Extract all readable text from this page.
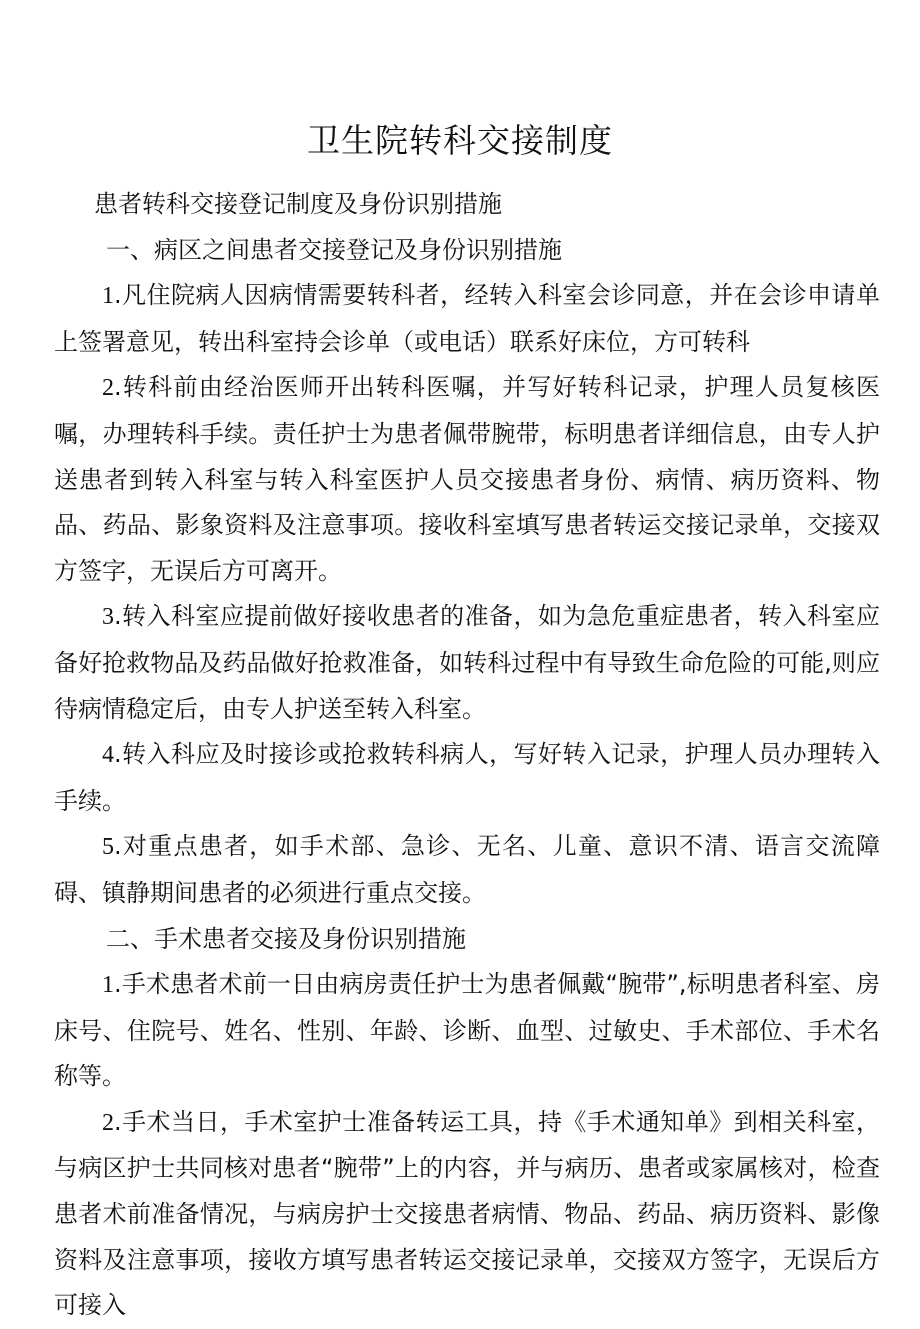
卫生院转科交接制度

患者转科交接登记制度及身份识别措施

一、病区之间患者交接登记及身份识别措施

1.凡住院病人因病情需要转科者，经转入科室会诊同意，并在会诊申请单上签署意见，转出科室持会诊单（或电话）联系好床位，方可转科

2.转科前由经治医师开出转科医嘱，并写好转科记录，护理人员复核医嘱，办理转科手续。责任护士为患者佩带腕带，标明患者详细信息，由专人护送患者到转入科室与转入科室医护人员交接患者身份、病情、病历资料、物品、药品、影象资料及注意事项。接收科室填写患者转运交接记录单，交接双方签字，无误后方可离开。

3.转入科室应提前做好接收患者的准备，如为急危重症患者，转入科室应备好抢救物品及药品做好抢救准备，如转科过程中有导致生命危险的可能,则应待病情稳定后，由专人护送至转入科室。

4.转入科应及时接诊或抢救转科病人，写好转入记录，护理人员办理转入手续。

5.对重点患者，如手术部、急诊、无名、儿童、意识不清、语言交流障碍、镇静期间患者的必须进行重点交接。

二、手术患者交接及身份识别措施

1.手术患者术前一日由病房责任护士为患者佩戴“腕带”,标明患者科室、房床号、住院号、姓名、性别、年龄、诊断、血型、过敏史、手术部位、手术名称等。

2.手术当日，手术室护士准备转运工具，持《手术通知单》到相关科室，与病区护士共同核对患者“腕带”上的内容，并与病历、患者或家属核对，检查患者术前准备情况，与病房护士交接患者病情、物品、药品、病历资料、影像资料及注意事项，接收方填写患者转运交接记录单，交接双方签字，无误后方可接入
